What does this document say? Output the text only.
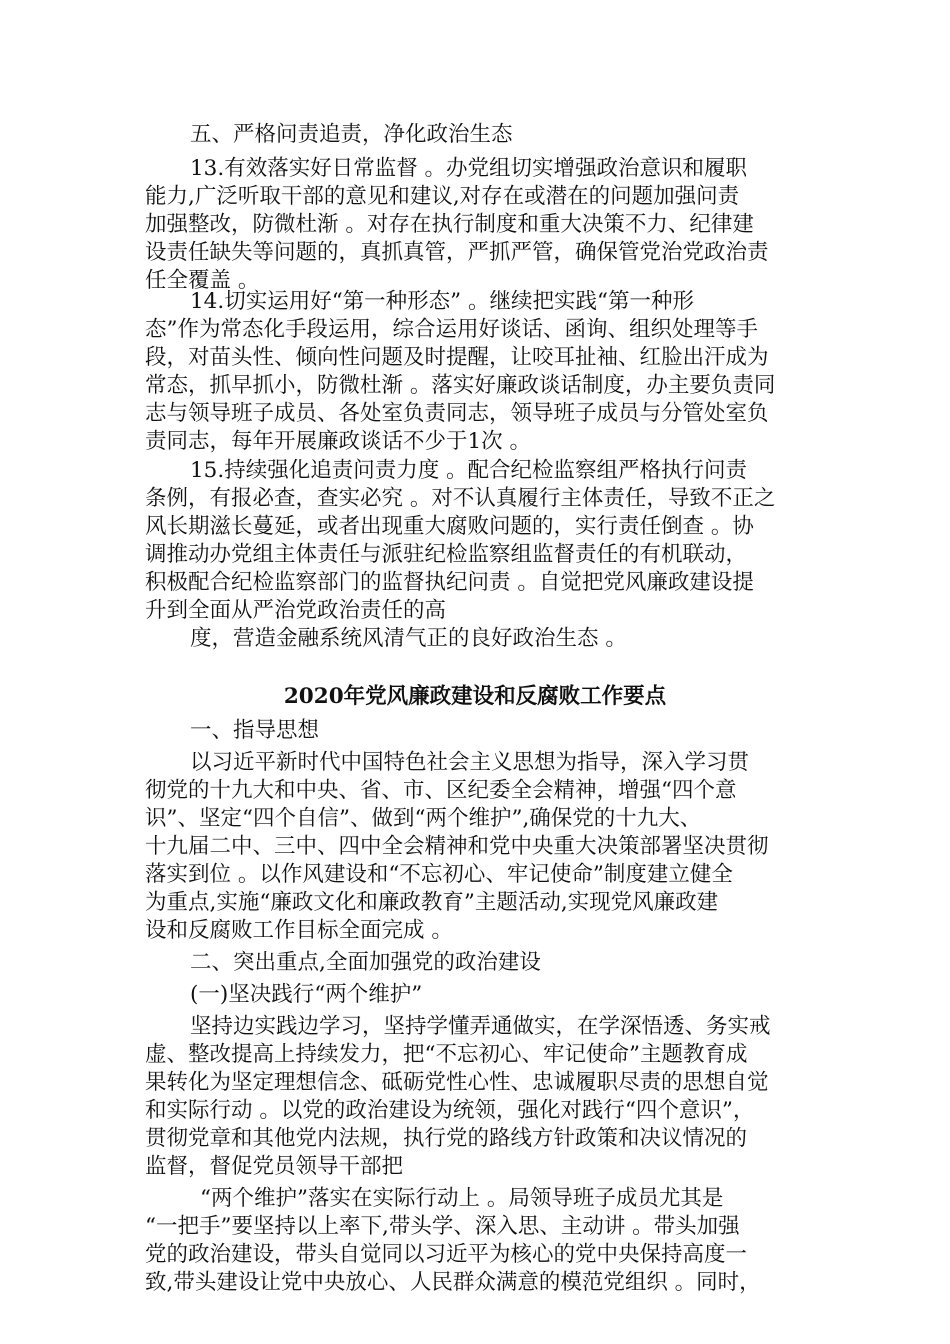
五、严格问责追责，净化政治生态
13.有效落实好日常监督 。办党组切实增强政治意识和履职
能力,广泛听取干部的意见和建议,对存在或潜在的问题加强问责
加强整改，防微杜渐 。对存在执行制度和重大决策不力、纪律建
设责任缺失等问题的，真抓真管，严抓严管，确保管党治党政治责
任全覆盖 。
14.切实运用好“第一种形态” 。继续把实践“第一种形
态”作为常态化手段运用，综合运用好谈话、函询、组织处理等手
段，对苗头性、倾向性问题及时提醒，让咬耳扯袖、红脸出汗成为
常态，抓早抓小，防微杜渐 。落实好廉政谈话制度，办主要负责同
志与领导班子成员、各处室负责同志，领导班子成员与分管处室负
责同志，每年开展廉政谈话不少于1次 。
15.持续强化追责问责力度 。配合纪检监察组严格执行问责
条例，有报必查，查实必究 。对不认真履行主体责任，导致不正之
风长期滋长蔓延，或者出现重大腐败问题的，实行责任倒查 。协
调推动办党组主体责任与派驻纪检监察组监督责任的有机联动，
积极配合纪检监察部门的监督执纪问责 。自觉把党风廉政建设提
升到全面从严治党政治责任的高
度，营造金融系统风清气正的良好政治生态 。
2020年党风廉政建设和反腐败工作要点
一、指导思想
以习近平新时代中国特色社会主义思想为指导，深入学习贯
彻党的十九大和中央、省、市、区纪委全会精神，增强“四个意
识”、坚定“四个自信”、做到“两个维护”,确保党的十九大、
十九届二中、三中、四中全会精神和党中央重大决策部署坚决贯彻
落实到位 。以作风建设和“不忘初心、牢记使命”制度建立健全
为重点,实施“廉政文化和廉政教育”主题活动,实现党风廉政建
设和反腐败工作目标全面完成 。
二、突出重点,全面加强党的政治建设
(一)坚决践行“两个维护”
坚持边实践边学习，坚持学懂弄通做实，在学深悟透、务实戒
虚、整改提高上持续发力，把“不忘初心、牢记使命”主题教育成
果转化为坚定理想信念、砥砺党性心性、忠诚履职尽责的思想自觉
和实际行动 。以党的政治建设为统领，强化对践行“四个意识”，
贯彻党章和其他党内法规，执行党的路线方针政策和决议情况的
监督，督促党员领导干部把
“两个维护”落实在实际行动上 。局领导班子成员尤其是
“一把手”要坚持以上率下,带头学、深入思、主动讲 。带头加强
党的政治建设，带头自觉同以习近平为核心的党中央保持高度一
致,带头建设让党中央放心、人民群众满意的模范党组织 。同时，
